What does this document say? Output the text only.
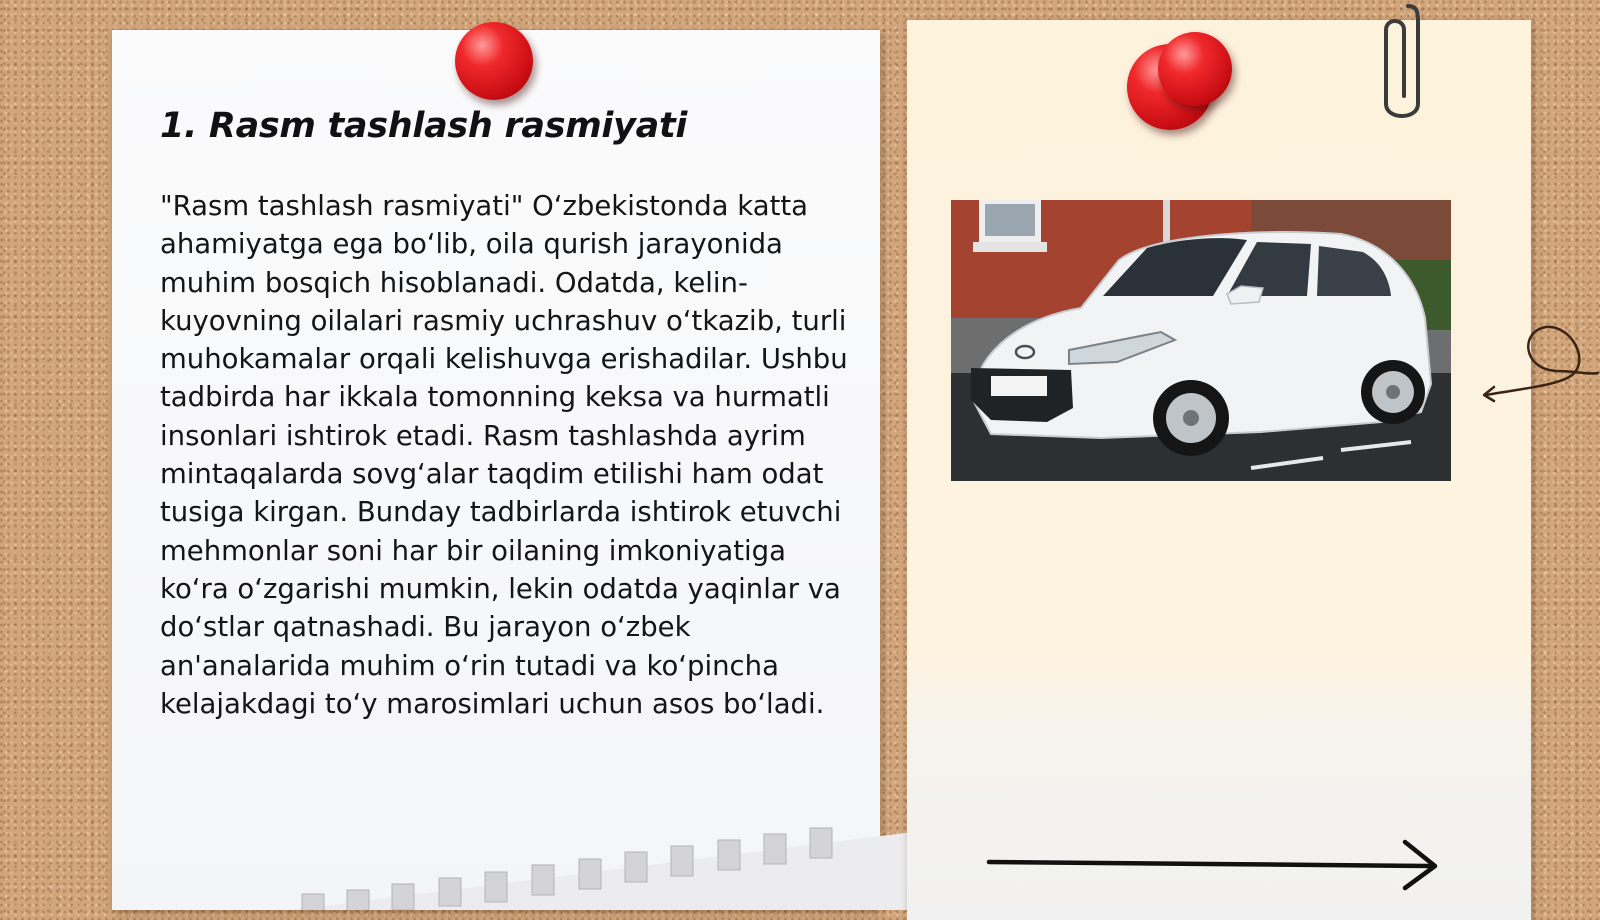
1. Rasm tashlash rasmiyati

"Rasm tashlash rasmiyati" O‘zbekistonda katta ahamiyatga ega bo‘lib, oila qurish jarayonida muhim bosqich hisoblanadi. Odatda, kelin-kuyovning oilalari rasmiy uchrashuv o‘tkazib, turli muhokamalar orqali kelishuvga erishadilar. Ushbu tadbirda har ikkala tomonning keksa va hurmatli insonlari ishtirok etadi. Rasm tashlashda ayrim mintaqalarda sovg‘alar taqdim etilishi ham odat tusiga kirgan. Bunday tadbirlarda ishtirok etuvchi mehmonlar soni har bir oilaning imkoniyatiga ko‘ra o‘zgarishi mumkin, lekin odatda yaqinlar va do‘stlar qatnashadi. Bu jarayon o‘zbek an'analarida muhim o‘rin tutadi va ko‘pincha kelajakdagi to‘y marosimlari uchun asos bo‘ladi.
